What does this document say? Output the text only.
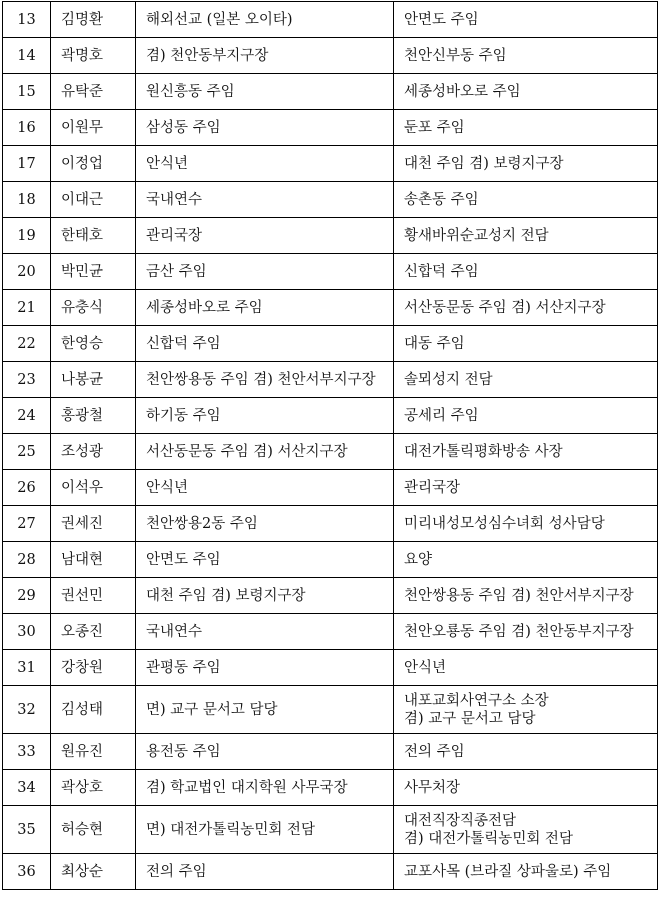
13	김명환	해외선교 (일본 오이타)	안면도 주임

14	곽명호	겸) 천안동부지구장	천안신부동 주임

15	유탁준	원신흥동 주임	세종성바오로 주임

16	이원무	삼성동 주임	둔포 주임

17	이정업	안식년	대천 주임 겸) 보령지구장

18	이대근	국내연수	송촌동 주임

19	한태호	관리국장	황새바위순교성지 전담

20	박민균	금산 주임	신합덕 주임

21	유충식	세종성바오로 주임	서산동문동 주임 겸) 서산지구장

22	한영승	신합덕 주임	대동 주임

23	나봉균	천안쌍용동 주임 겸) 천안서부지구장	솔뫼성지 전담

24	홍광철	하기동 주임	공세리 주임

25	조성광	서산동문동 주임 겸) 서산지구장	대전가톨릭평화방송 사장

26	이석우	안식년	관리국장

27	권세진	천안쌍용2동 주임	미리내성모성심수녀회 성사담당

28	남대현	안면도 주임	요양

29	권선민	대천 주임 겸) 보령지구장	천안쌍용동 주임 겸) 천안서부지구장

30	오종진	국내연수	천안오룡동 주임 겸) 천안동부지구장

31	강창원	관평동 주임	안식년

32	김성태	면) 교구 문서고 담당	내포교회사연구소 소장
겸) 교구 문서고 담당

33	원유진	용전동 주임	전의 주임

34	곽상호	겸) 학교법인 대지학원 사무국장	사무처장

35	허승현	면) 대전가톨릭농민회 전담	대전직장직종전담
겸) 대전가톨릭농민회 전담

36	최상순	전의 주임	교포사목 (브라질 상파울로) 주임
